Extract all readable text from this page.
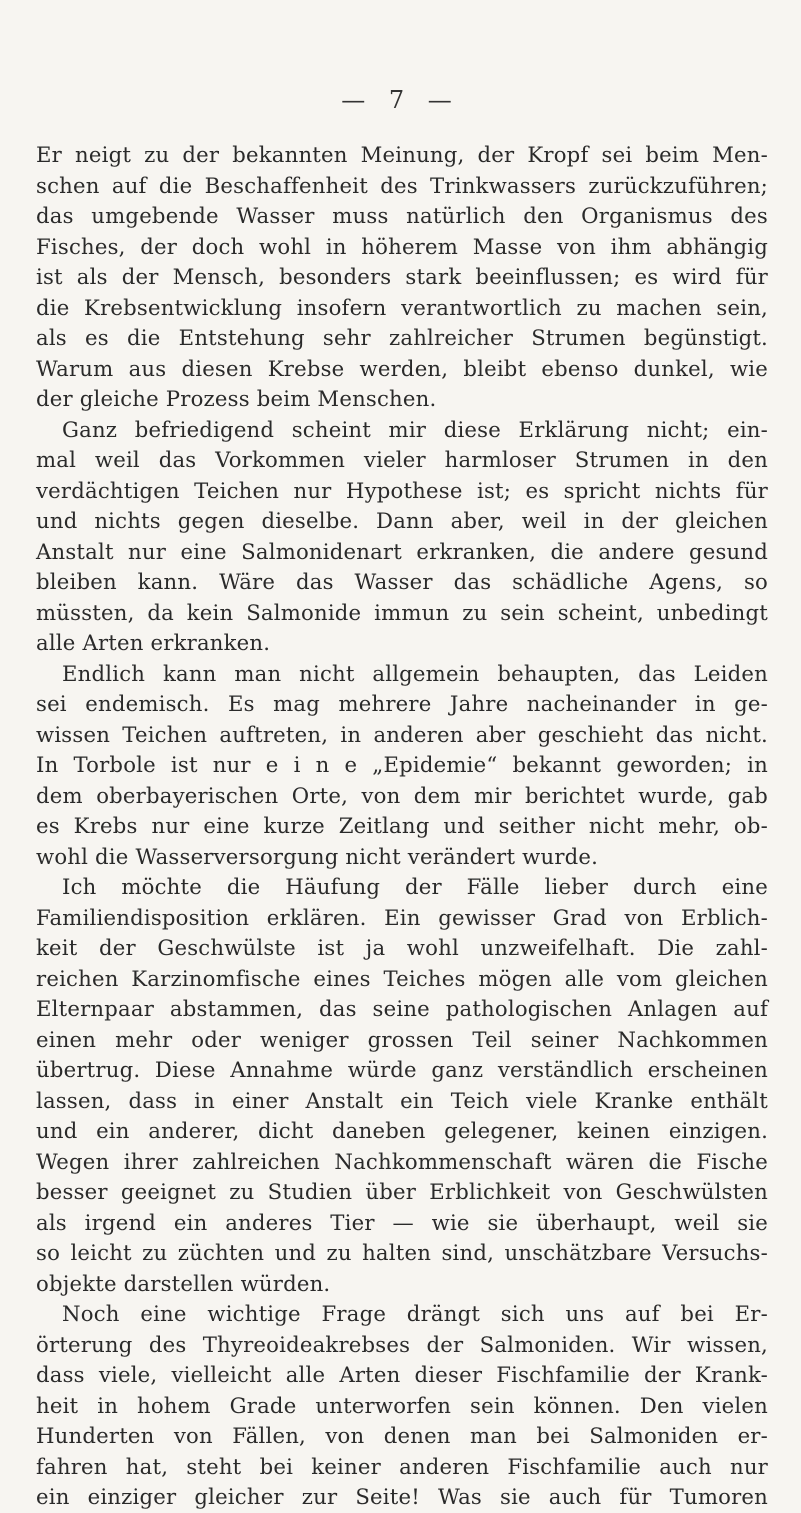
— 7 —
Er neigt zu der bekannten Meinung, der Kropf sei beim Men-
schen auf die Beschaffenheit des Trinkwassers zurückzuführen;
das umgebende Wasser muss natürlich den Organismus des
Fisches, der doch wohl in höherem Masse von ihm abhängig
ist als der Mensch, besonders stark beeinflussen; es wird für
die Krebsentwicklung insofern verantwortlich zu machen sein,
als es die Entstehung sehr zahlreicher Strumen begünstigt.
Warum aus diesen Krebse werden, bleibt ebenso dunkel, wie
der gleiche Prozess beim Menschen.
Ganz befriedigend scheint mir diese Erklärung nicht; ein-
mal weil das Vorkommen vieler harmloser Strumen in den
verdächtigen Teichen nur Hypothese ist; es spricht nichts für
und nichts gegen dieselbe. Dann aber, weil in der gleichen
Anstalt nur eine Salmonidenart erkranken, die andere gesund
bleiben kann. Wäre das Wasser das schädliche Agens, so
müssten, da kein Salmonide immun zu sein scheint, unbedingt
alle Arten erkranken.
Endlich kann man nicht allgemein behaupten, das Leiden
sei endemisch. Es mag mehrere Jahre nacheinander in ge-
wissen Teichen auftreten, in anderen aber geschieht das nicht.
In Torbole ist nur e i n e „Epidemie“ bekannt geworden; in
dem oberbayerischen Orte, von dem mir berichtet wurde, gab
es Krebs nur eine kurze Zeitlang und seither nicht mehr, ob-
wohl die Wasserversorgung nicht verändert wurde.
Ich möchte die Häufung der Fälle lieber durch eine
Familiendisposition erklären. Ein gewisser Grad von Erblich-
keit der Geschwülste ist ja wohl unzweifelhaft. Die zahl-
reichen Karzinomfische eines Teiches mögen alle vom gleichen
Elternpaar abstammen, das seine pathologischen Anlagen auf
einen mehr oder weniger grossen Teil seiner Nachkommen
übertrug. Diese Annahme würde ganz verständlich erscheinen
lassen, dass in einer Anstalt ein Teich viele Kranke enthält
und ein anderer, dicht daneben gelegener, keinen einzigen.
Wegen ihrer zahlreichen Nachkommenschaft wären die Fische
besser geeignet zu Studien über Erblichkeit von Geschwülsten
als irgend ein anderes Tier — wie sie überhaupt, weil sie
so leicht zu züchten und zu halten sind, unschätzbare Versuchs-
objekte darstellen würden.
Noch eine wichtige Frage drängt sich uns auf bei Er-
örterung des Thyreoideakrebses der Salmoniden. Wir wissen,
dass viele, vielleicht alle Arten dieser Fischfamilie der Krank-
heit in hohem Grade unterworfen sein können. Den vielen
Hunderten von Fällen, von denen man bei Salmoniden er-
fahren hat, steht bei keiner anderen Fischfamilie auch nur
ein einziger gleicher zur Seite! Was sie auch für Tumoren
